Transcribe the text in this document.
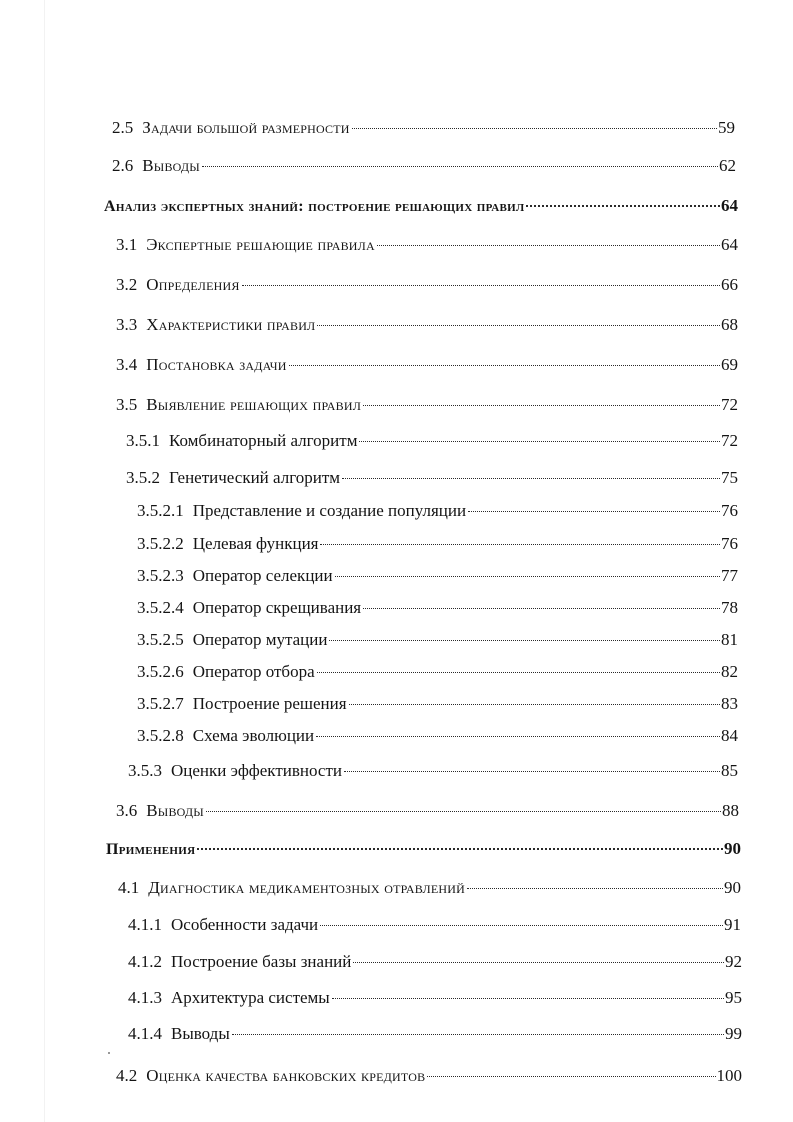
2.5 Задачи большой размерности	59
2.6 Выводы	62
Анализ экспертных знаний: построение решающих правил	64
3.1 Экспертные решающие правила	64
3.2 Определения	66
3.3 Характеристики правил	68
3.4 Постановка задачи	69
3.5 Выявление решающих правил	72
3.5.1 Комбинаторный алгоритм	72
3.5.2 Генетический алгоритм	75
3.5.2.1 Представление и создание популяции	76
3.5.2.2 Целевая функция	76
3.5.2.3 Оператор селекции	77
3.5.2.4 Оператор скрещивания	78
3.5.2.5 Оператор мутации	81
3.5.2.6 Оператор отбора	82
3.5.2.7 Построение решения	83
3.5.2.8 Схема эволюции	84
3.5.3 Оценки эффективности	85
3.6 Выводы	88
Применения	90
4.1 Диагностика медикаментозных отравлений	90
4.1.1 Особенности задачи	91
4.1.2 Построение базы знаний	92
4.1.3 Архитектура системы	95
4.1.4 Выводы	99
4.2 Оценка качества банковских кредитов	100
